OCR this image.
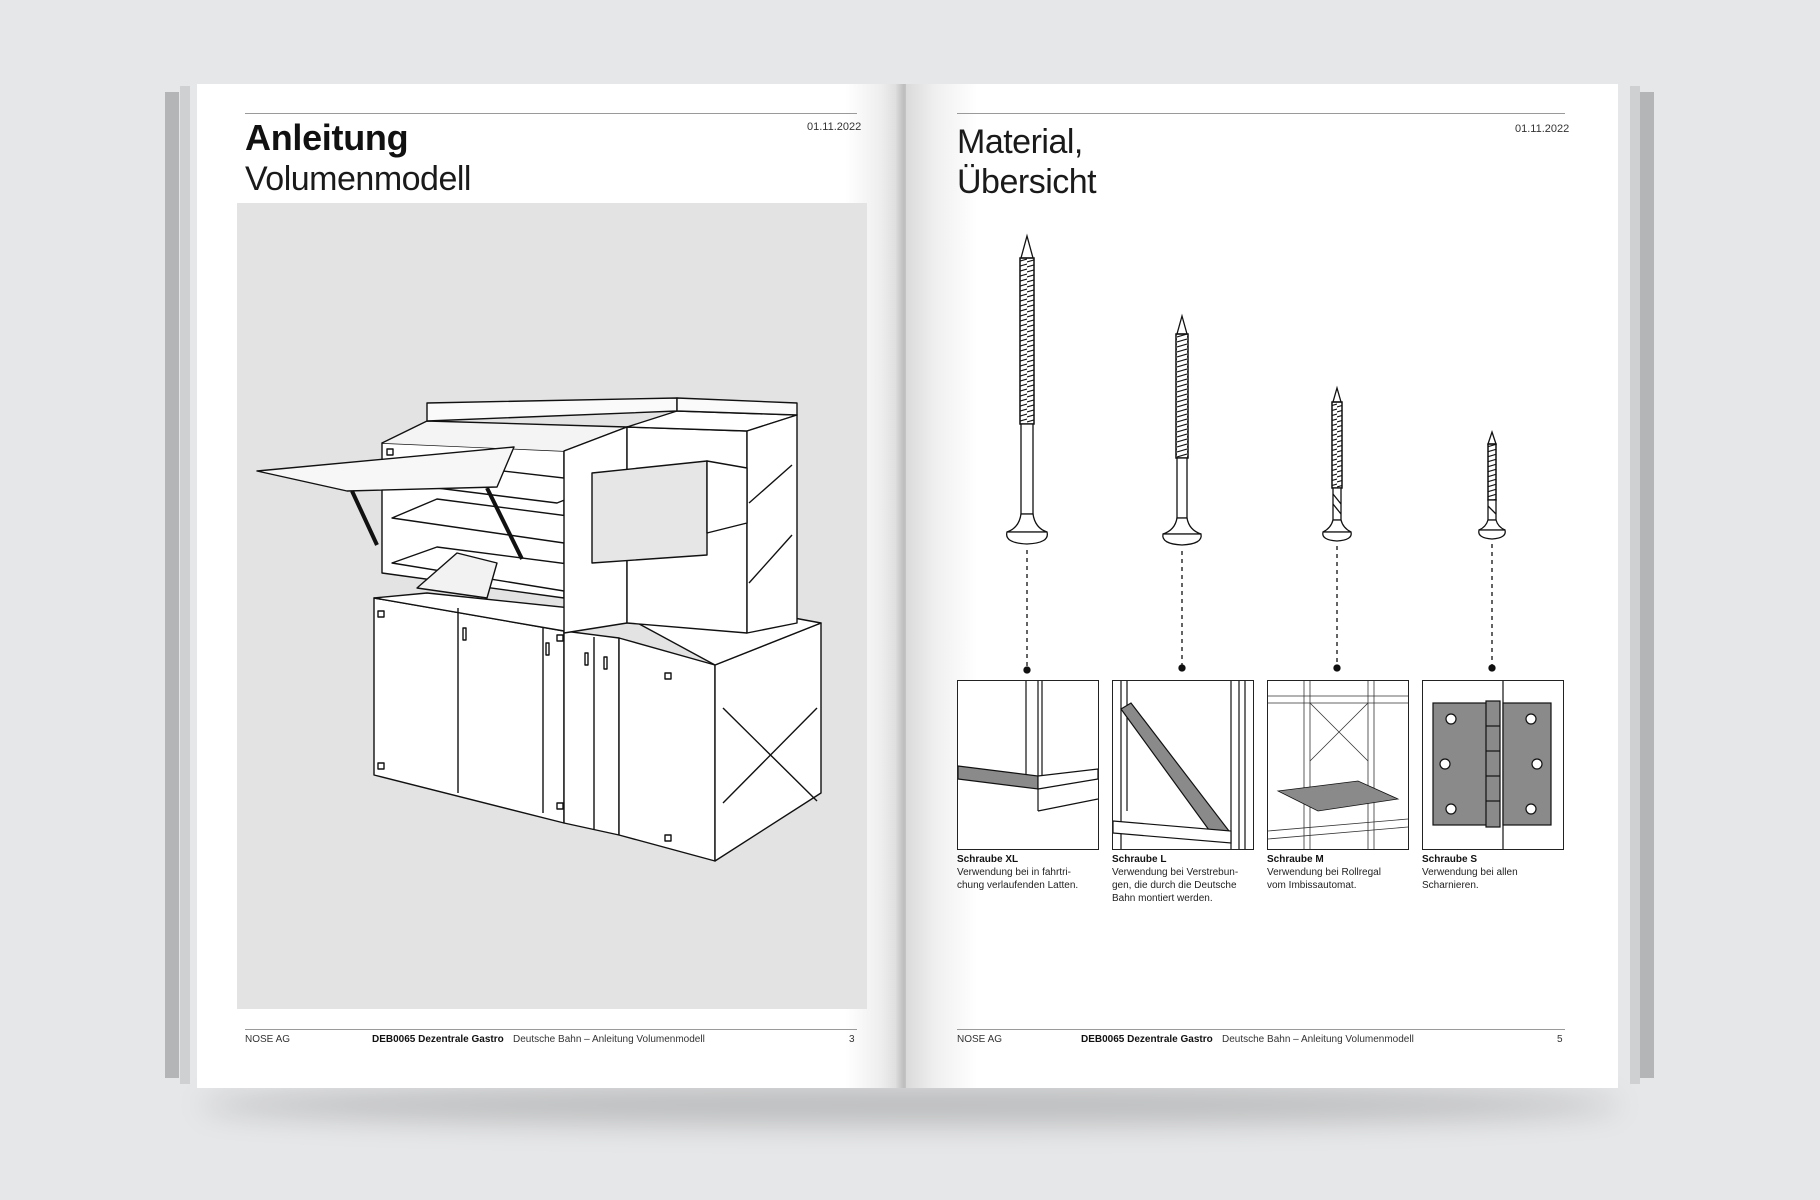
Anleitung
Volumenmodell
01.11.2022
NOSE AG	DEB0065 Dezentrale Gastro Deutsche Bahn – Anleitung Volumenmodell	3
Material,
Übersicht
01.11.2022
Schraube XL
Verwendung bei in fahrtri-
chung verlaufenden Latten.
Schraube L
Verwendung bei Verstrebun-
gen, die durch die Deutsche
Bahn montiert werden.
Schraube M
Verwendung bei Rollregal
vom Imbissautomat.
Schraube S
Verwendung bei allen
Scharnieren.
NOSE AG	DEB0065 Dezentrale Gastro Deutsche Bahn – Anleitung Volumenmodell	5
